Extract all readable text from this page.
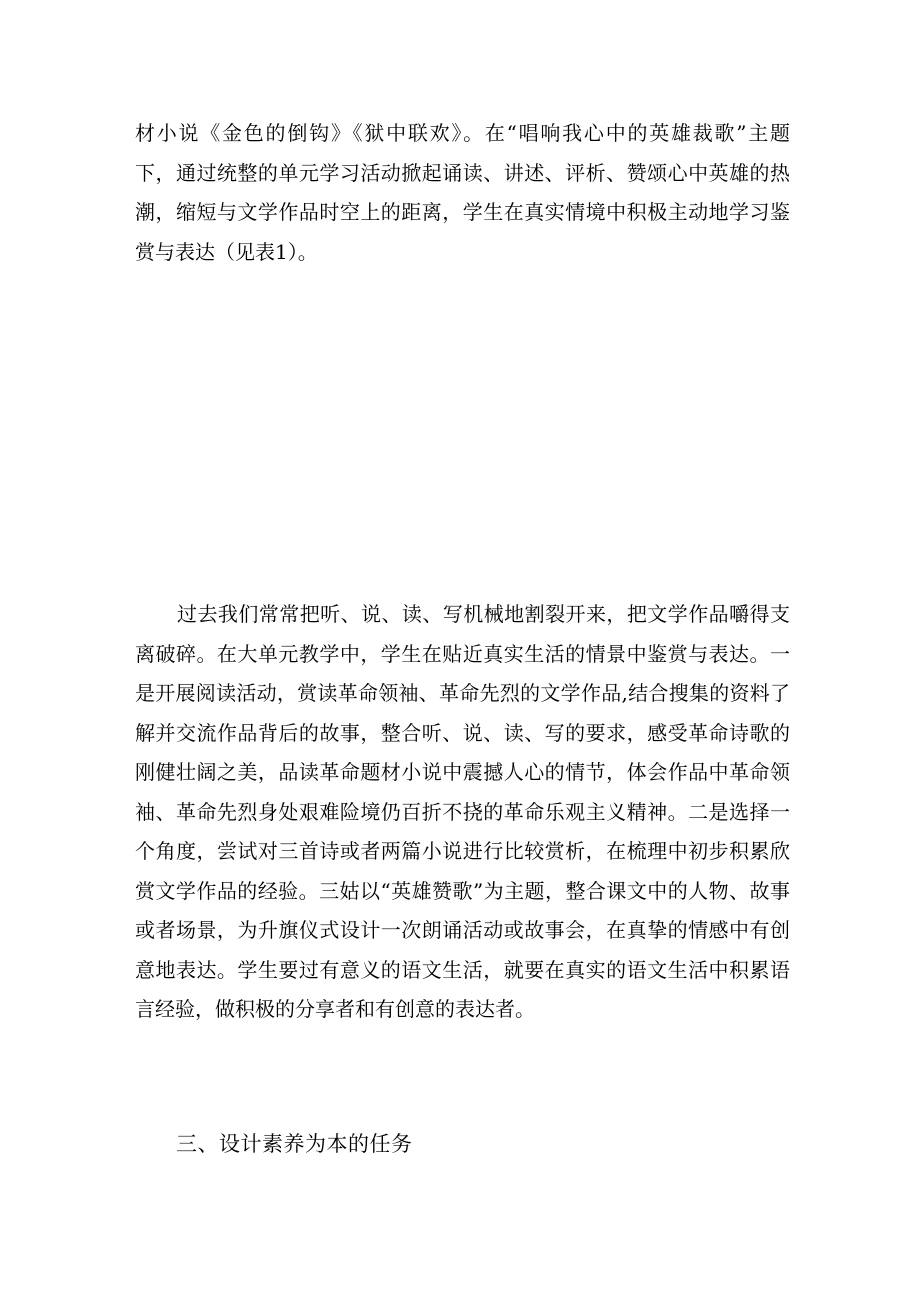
材小说《金色的倒钩》《狱中联欢》。在“唱响我心中的英雄裁歌”主题
下，通过统整的单元学习活动掀起诵读、讲述、评析、赞颂心中英雄的热
潮，缩短与文学作品时空上的距离，学生在真实情境中积极主动地学习鉴
赏与表达（见表1）。
过去我们常常把听、说、读、写机械地割裂开来，把文学作品嚼得支
离破碎。在大单元教学中，学生在贴近真实生活的情景中鉴赏与表达。一
是开展阅读活动，赏读革命领袖、革命先烈的文学作品,结合搜集的资料了
解并交流作品背后的故事，整合听、说、读、写的要求，感受革命诗歌的
刚健壮阔之美，品读革命题材小说中震撼人心的情节，体会作品中革命领
袖、革命先烈身处艰难险境仍百折不挠的革命乐观主义精神。二是选择一
个角度，尝试对三首诗或者两篇小说进行比较赏析，在梳理中初步积累欣
赏文学作品的经验。三姑以“英雄赞歌”为主题，整合课文中的人物、故事
或者场景，为升旗仪式设计一次朗诵活动或故事会，在真挚的情感中有创
意地表达。学生要过有意义的语文生活，就要在真实的语文生活中积累语
言经验，做积极的分享者和有创意的表达者。
三、设计素养为本的任务
